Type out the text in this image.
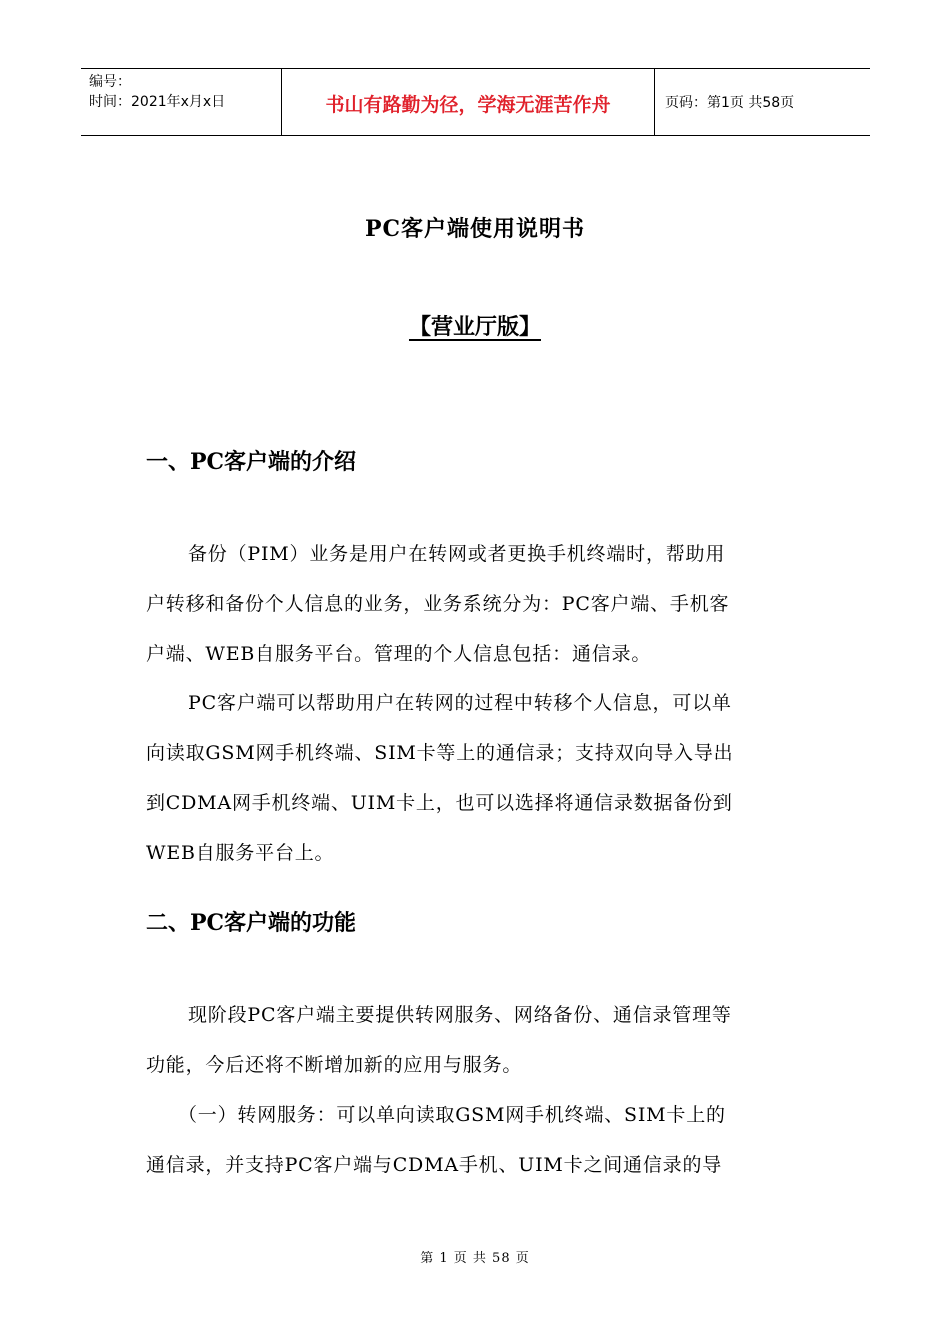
编号：
时间：2021年x月x日	书山有路勤为径，学海无涯苦作舟	页码：第1页 共58页
PC客户端使用说明书
【营业厅版】
一、PC客户端的介绍
备份（PIM）业务是用户在转网或者更换手机终端时，帮助用
户转移和备份个人信息的业务，业务系统分为：PC客户端、手机客
户端、WEB自服务平台。管理的个人信息包括：通信录。
PC客户端可以帮助用户在转网的过程中转移个人信息，可以单
向读取GSM网手机终端、SIM卡等上的通信录；支持双向导入导出
到CDMA网手机终端、UIM卡上，也可以选择将通信录数据备份到
WEB自服务平台上。
二、PC客户端的功能
现阶段PC客户端主要提供转网服务、网络备份、通信录管理等
功能，今后还将不断增加新的应用与服务。
（一）转网服务：可以单向读取GSM网手机终端、SIM卡上的
通信录，并支持PC客户端与CDMA手机、UIM卡之间通信录的导
第 1 页 共 58 页
